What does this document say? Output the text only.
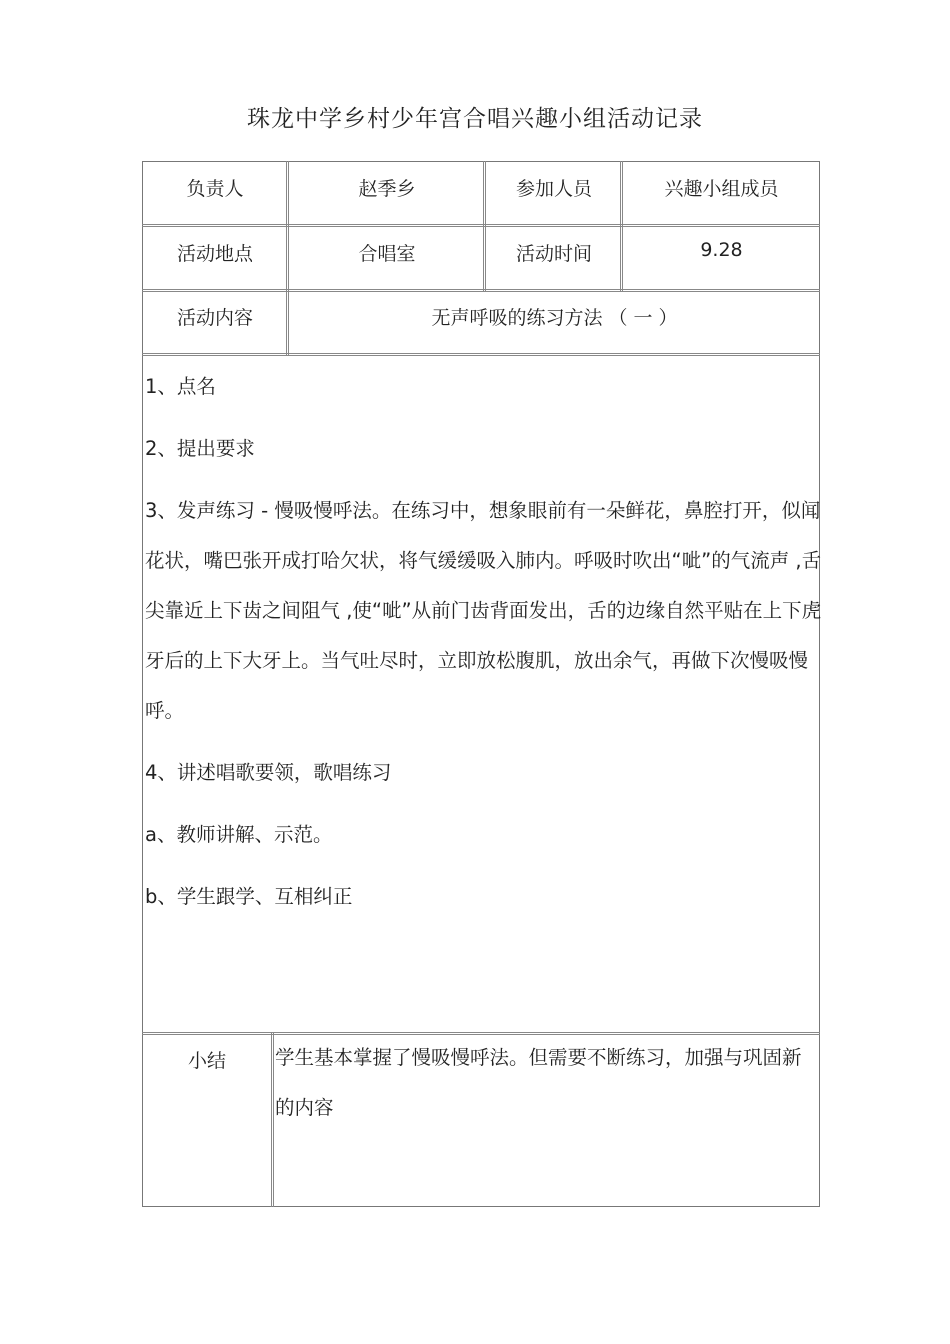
珠龙中学乡村少年宫合唱兴趣小组活动记录
负责人	赵季乡	参加人员	兴趣小组成员
活动地点	合唱室	活动时间	9.28
活动内容	无声呼吸的练习方法 （ 一 ）

1、点名

2、提出要求

3、发声练习 - 慢吸慢呼法。在练习中，想象眼前有一朵鲜花，鼻腔打开，似闻花状，嘴巴张开成打哈欠状，将气缓缓吸入肺内。呼吸时吹出“呲”的气流声 ,舌尖靠近上下齿之间阻气 ,使“呲”从前门齿背面发出，舌的边缘自然平贴在上下虎牙后的上下大牙上。当气吐尽时，立即放松腹肌，放出余气，再做下次慢吸慢呼。

4、讲述唱歌要领，歌唱练习

a、教师讲解、示范。

b、学生跟学、互相纠正

小结	学生基本掌握了慢吸慢呼法。但需要不断练习，加强与巩固新的内容
